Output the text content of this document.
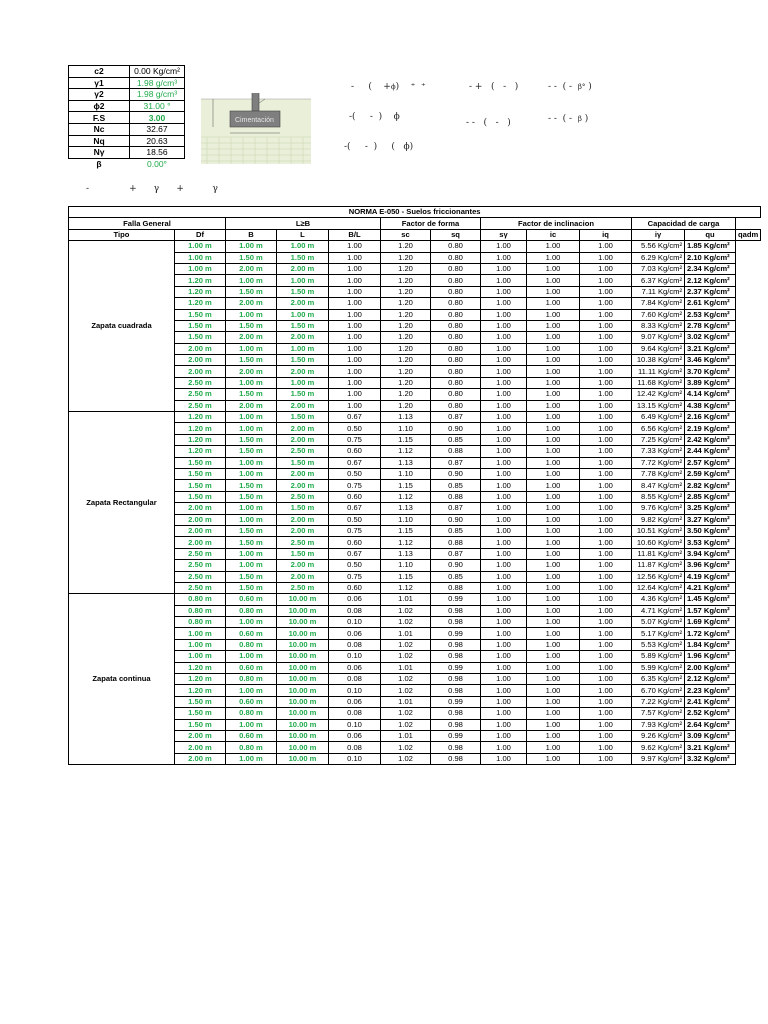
c2	0.00 Kg/cm²
γ1	1.98 g/cm³
γ2	1.98 g/cm³
ϕ2	31.00 °
F.S	3.00
Nc	32.67
Nq	20.63
Nγ	18.56
β	0.00°
Cimentación
-     (    +ϕ)    ⁺  ⁺	- +   (   -   )	- -  ( -  β° )
-(     -  )    ϕ
- -   (   -   )	- -  ( -  β )
-(     -  )     (   ϕ)
-              +      γ      +          γ
NORMA E-050 - Suelos friccionantes												
Falla General		L≥B			Factor de forma		Factor de inclinacion			Capacidad de carga		
Tipo	Df	B	L	B/L	sc	sq	sγ	ic	iq	iγ	qu	qadm
Zapata cuadrada	1.00 m	1.00 m	1.00 m	1.00	1.20	0.80	1.00	1.00	1.00	5.56 Kg/cm²	1.85 Kg/cm²	
	1.00 m	1.50 m	1.50 m	1.00	1.20	0.80	1.00	1.00	1.00	6.29 Kg/cm²	2.10 Kg/cm²	
	1.00 m	2.00 m	2.00 m	1.00	1.20	0.80	1.00	1.00	1.00	7.03 Kg/cm²	2.34 Kg/cm²	
	1.20 m	1.00 m	1.00 m	1.00	1.20	0.80	1.00	1.00	1.00	6.37 Kg/cm²	2.12 Kg/cm²	
	1.20 m	1.50 m	1.50 m	1.00	1.20	0.80	1.00	1.00	1.00	7.11 Kg/cm²	2.37 Kg/cm²	
	1.20 m	2.00 m	2.00 m	1.00	1.20	0.80	1.00	1.00	1.00	7.84 Kg/cm²	2.61 Kg/cm²	
	1.50 m	1.00 m	1.00 m	1.00	1.20	0.80	1.00	1.00	1.00	7.60 Kg/cm²	2.53 Kg/cm²	
	1.50 m	1.50 m	1.50 m	1.00	1.20	0.80	1.00	1.00	1.00	8.33 Kg/cm²	2.78 Kg/cm²	
	1.50 m	2.00 m	2.00 m	1.00	1.20	0.80	1.00	1.00	1.00	9.07 Kg/cm²	3.02 Kg/cm²	
	2.00 m	1.00 m	1.00 m	1.00	1.20	0.80	1.00	1.00	1.00	9.64 Kg/cm²	3.21 Kg/cm²	
	2.00 m	1.50 m	1.50 m	1.00	1.20	0.80	1.00	1.00	1.00	10.38 Kg/cm²	3.46 Kg/cm²	
	2.00 m	2.00 m	2.00 m	1.00	1.20	0.80	1.00	1.00	1.00	11.11 Kg/cm²	3.70 Kg/cm²	
	2.50 m	1.00 m	1.00 m	1.00	1.20	0.80	1.00	1.00	1.00	11.68 Kg/cm²	3.89 Kg/cm²	
	2.50 m	1.50 m	1.50 m	1.00	1.20	0.80	1.00	1.00	1.00	12.42 Kg/cm²	4.14 Kg/cm²	
	2.50 m	2.00 m	2.00 m	1.00	1.20	0.80	1.00	1.00	1.00	13.15 Kg/cm²	4.38 Kg/cm²	
Zapata Rectangular	1.20 m	1.00 m	1.50 m	0.67	1.13	0.87	1.00	1.00	1.00	6.49 Kg/cm²	2.16 Kg/cm²	
	1.20 m	1.00 m	2.00 m	0.50	1.10	0.90	1.00	1.00	1.00	6.56 Kg/cm²	2.19 Kg/cm²	
	1.20 m	1.50 m	2.00 m	0.75	1.15	0.85	1.00	1.00	1.00	7.25 Kg/cm²	2.42 Kg/cm²	
	1.20 m	1.50 m	2.50 m	0.60	1.12	0.88	1.00	1.00	1.00	7.33 Kg/cm²	2.44 Kg/cm²	
	1.50 m	1.00 m	1.50 m	0.67	1.13	0.87	1.00	1.00	1.00	7.72 Kg/cm²	2.57 Kg/cm²	
	1.50 m	1.00 m	2.00 m	0.50	1.10	0.90	1.00	1.00	1.00	7.78 Kg/cm²	2.59 Kg/cm²	
	1.50 m	1.50 m	2.00 m	0.75	1.15	0.85	1.00	1.00	1.00	8.47 Kg/cm²	2.82 Kg/cm²	
	1.50 m	1.50 m	2.50 m	0.60	1.12	0.88	1.00	1.00	1.00	8.55 Kg/cm²	2.85 Kg/cm²	
	2.00 m	1.00 m	1.50 m	0.67	1.13	0.87	1.00	1.00	1.00	9.76 Kg/cm²	3.25 Kg/cm²	
	2.00 m	1.00 m	2.00 m	0.50	1.10	0.90	1.00	1.00	1.00	9.82 Kg/cm²	3.27 Kg/cm²	
	2.00 m	1.50 m	2.00 m	0.75	1.15	0.85	1.00	1.00	1.00	10.51 Kg/cm²	3.50 Kg/cm²	
	2.00 m	1.50 m	2.50 m	0.60	1.12	0.88	1.00	1.00	1.00	10.60 Kg/cm²	3.53 Kg/cm²	
	2.50 m	1.00 m	1.50 m	0.67	1.13	0.87	1.00	1.00	1.00	11.81 Kg/cm²	3.94 Kg/cm²	
	2.50 m	1.00 m	2.00 m	0.50	1.10	0.90	1.00	1.00	1.00	11.87 Kg/cm²	3.96 Kg/cm²	
	2.50 m	1.50 m	2.00 m	0.75	1.15	0.85	1.00	1.00	1.00	12.56 Kg/cm²	4.19 Kg/cm²	
	2.50 m	1.50 m	2.50 m	0.60	1.12	0.88	1.00	1.00	1.00	12.64 Kg/cm²	4.21 Kg/cm²	
Zapata continua	0.80 m	0.60 m	10.00 m	0.06	1.01	0.99	1.00	1.00	1.00	4.36 Kg/cm²	1.45 Kg/cm²	
	0.80 m	0.80 m	10.00 m	0.08	1.02	0.98	1.00	1.00	1.00	4.71 Kg/cm²	1.57 Kg/cm²	
	0.80 m	1.00 m	10.00 m	0.10	1.02	0.98	1.00	1.00	1.00	5.07 Kg/cm²	1.69 Kg/cm²	
	1.00 m	0.60 m	10.00 m	0.06	1.01	0.99	1.00	1.00	1.00	5.17 Kg/cm²	1.72 Kg/cm²	
	1.00 m	0.80 m	10.00 m	0.08	1.02	0.98	1.00	1.00	1.00	5.53 Kg/cm²	1.84 Kg/cm²	
	1.00 m	1.00 m	10.00 m	0.10	1.02	0.98	1.00	1.00	1.00	5.89 Kg/cm²	1.96 Kg/cm²	
	1.20 m	0.60 m	10.00 m	0.06	1.01	0.99	1.00	1.00	1.00	5.99 Kg/cm²	2.00 Kg/cm²	
	1.20 m	0.80 m	10.00 m	0.08	1.02	0.98	1.00	1.00	1.00	6.35 Kg/cm²	2.12 Kg/cm²	
	1.20 m	1.00 m	10.00 m	0.10	1.02	0.98	1.00	1.00	1.00	6.70 Kg/cm²	2.23 Kg/cm²	
	1.50 m	0.60 m	10.00 m	0.06	1.01	0.99	1.00	1.00	1.00	7.22 Kg/cm²	2.41 Kg/cm²	
	1.50 m	0.80 m	10.00 m	0.08	1.02	0.98	1.00	1.00	1.00	7.57 Kg/cm²	2.52 Kg/cm²	
	1.50 m	1.00 m	10.00 m	0.10	1.02	0.98	1.00	1.00	1.00	7.93 Kg/cm²	2.64 Kg/cm²	
	2.00 m	0.60 m	10.00 m	0.06	1.01	0.99	1.00	1.00	1.00	9.26 Kg/cm²	3.09 Kg/cm²	
	2.00 m	0.80 m	10.00 m	0.08	1.02	0.98	1.00	1.00	1.00	9.62 Kg/cm²	3.21 Kg/cm²	
	2.00 m	1.00 m	10.00 m	0.10	1.02	0.98	1.00	1.00	1.00	9.97 Kg/cm²	3.32 Kg/cm²	
